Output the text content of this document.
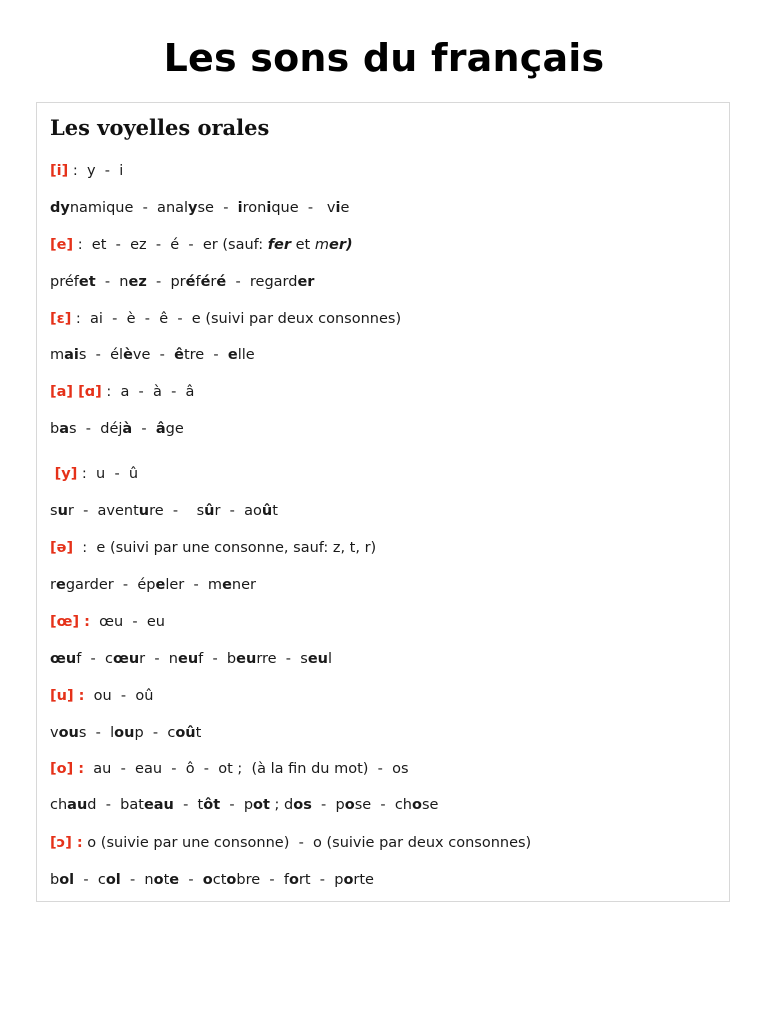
Les sons du français
Les voyelles orales
[i] :  y  -  i
dynamique  -  analyse  -  ironique  -   vie
[e] :  et  -  ez  -  é  -  er (sauf: fer et mer)
préfet  -  nez  -  préféré  -  regarder
[ɛ] :  ai  -  è  -  ê  -  e (suivi par deux consonnes)
mais  -  élève  -  être  -  elle
[a] [ɑ] :  a  -  à  -  â
bas  -  déjà  -  âge
[y] :  u  -  û
sur  -  aventure  -    sûr  -  août
[ə]  :  e (suivi par une consonne, sauf: z, t, r)
regarder  -  épeler  -  mener
[œ] :  œu  -  eu
œuf  -  cœur  -  neuf  -  beurre  -  seul
[u] :  ou  -  oû
vous  -  loup  -  coût
[o] :  au  -  eau  -  ô  -  ot ;  (à la fin du mot)  -  os
chaud  -  bateau  -  tôt  -  pot ; dos  -  pose  -  chose
[ɔ] : o (suivie par une consonne)  -  o (suivie par deux consonnes)
bol  -  col  -  note  -  octobre  -  fort  -  porte
